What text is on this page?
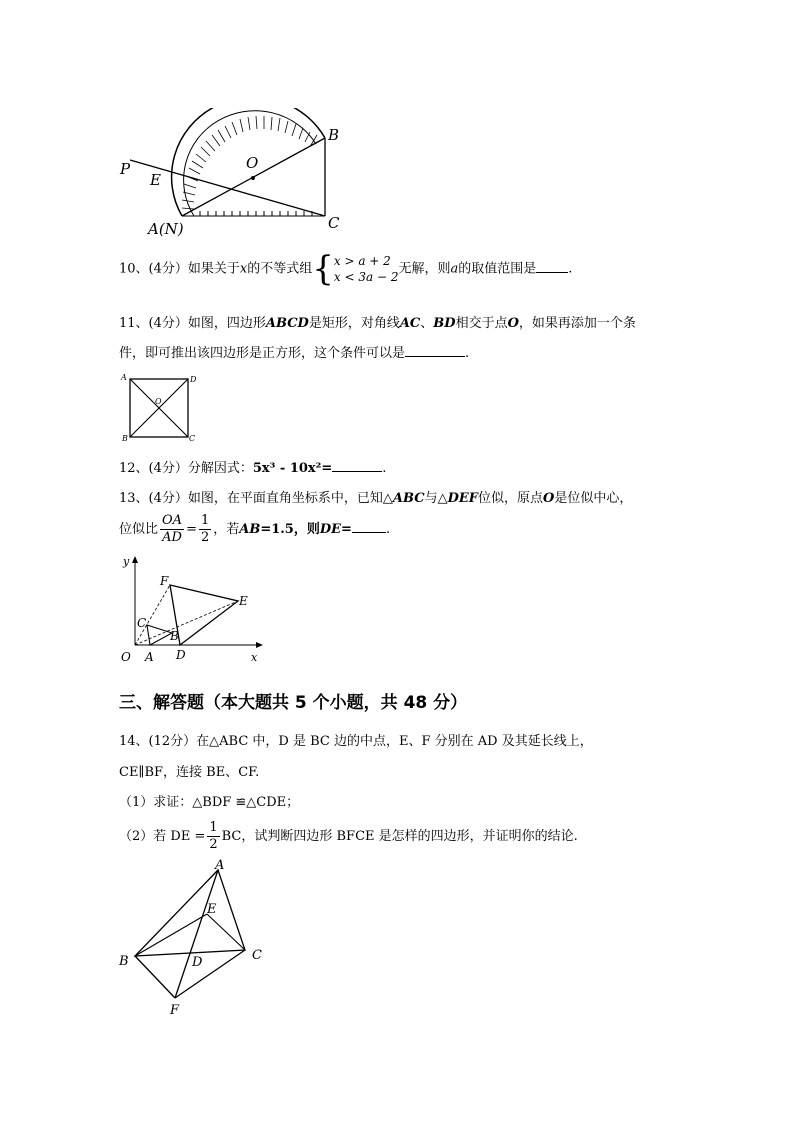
P
E
O
B
C
A(N)
10、(4分）如果关于x的不等式组{ x > a + 2
x < 3a − 2
无解，则a的取值范围是 .
11、(4分）如图，四边形ABCD是矩形，对角线AC、BD相交于点O，如果再添加一个条
件，即可推出该四边形是正方形，这个条件可以是	.
A	D
O
B	C
12、(4分）分解因式：5x³ - 10x²=	.
13、(4分）如图，在平面直角坐标系中，已知△ABC与△DEF位似，原点O是位似中心，
位似比 $\frac{OA}{AD} = \frac{1}{2}$ ，若AB=1.5，则DE=	.
y
x
O A D
B
C
F
E
三、解答题（本大题共 5 个小题，共 48 分）
14、(12分）在△ABC 中，D 是 BC 边的中点，E、F 分别在 AD 及其延长线上，
CE∥BF，连接 BE、CF.
（1）求证：△BDF ≌△CDE；
（2）若 DE = $\frac{1}{2}$ BC，试判断四边形 BFCE 是怎样的四边形，并证明你的结论.
A
E
B	D	C
F
